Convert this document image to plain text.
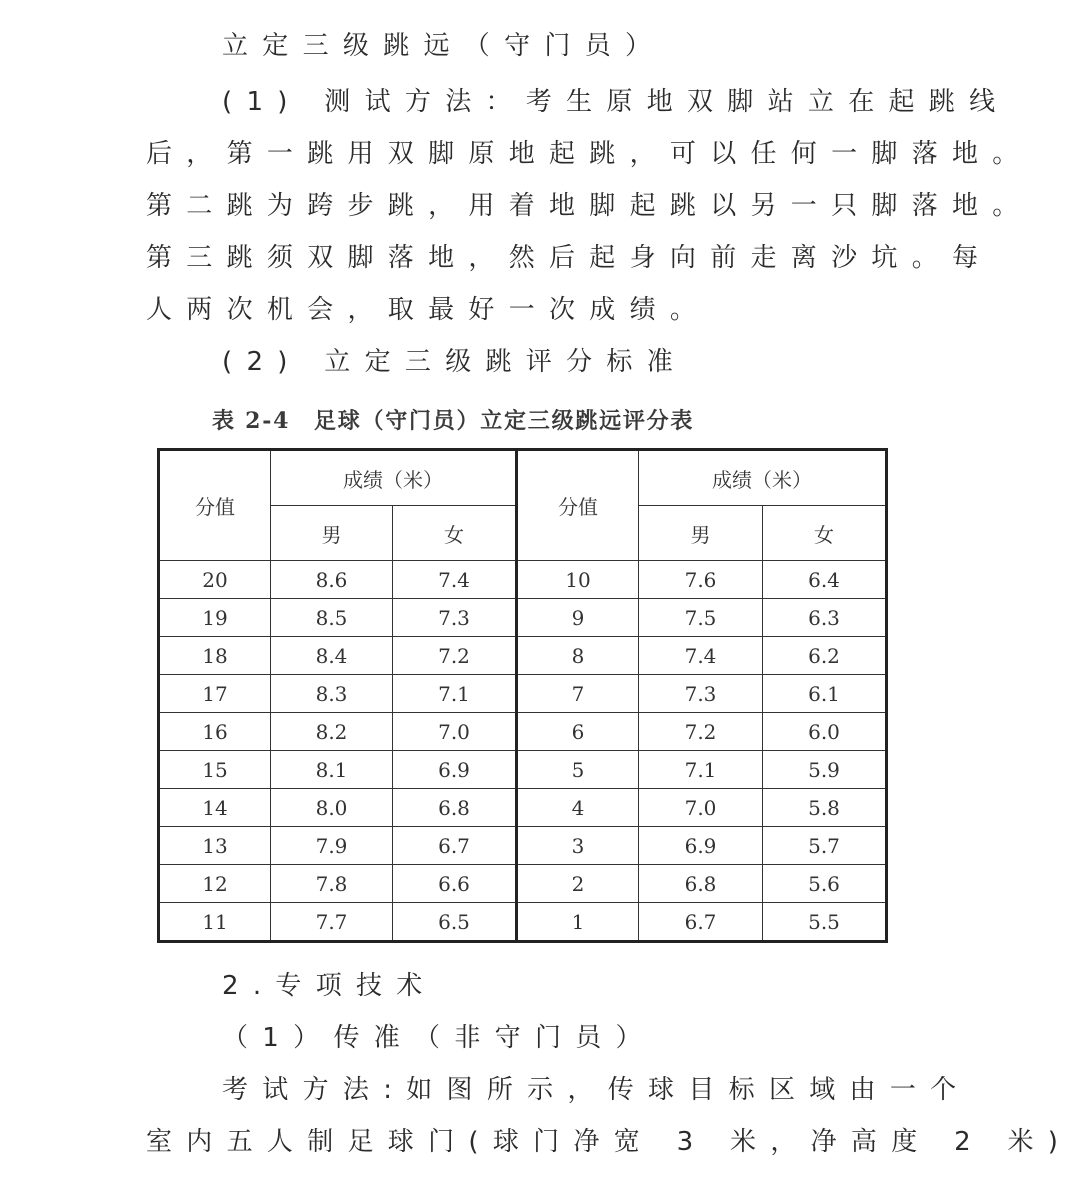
立定三级跳远（守门员）
(1) 测试方法：考生原地双脚站立在起跳线
后，第一跳用双脚原地起跳，可以任何一脚落地。
第二跳为跨步跳，用着地脚起跳以另一只脚落地。
第三跳须双脚落地，然后起身向前走离沙坑。每
人两次机会，取最好一次成绩。
(2) 立定三级跳评分标准
表 2-4　足球（守门员）立定三级跳远评分表
分值	成绩（米）		分值	成绩（米）	
	男	女		男	女
20	8.6	7.4	10	7.6	6.4
19	8.5	7.3	9	7.5	6.3
18	8.4	7.2	8	7.4	6.2
17	8.3	7.1	7	7.3	6.1
16	8.2	7.0	6	7.2	6.0
15	8.1	6.9	5	7.1	5.9
14	8.0	6.8	4	7.0	5.8
13	7.9	6.7	3	6.9	5.7
12	7.8	6.6	2	6.8	5.6
11	7.7	6.5	1	6.7	5.5
2.专项技术
（1）传准（非守门员）
考试方法:如图所示，传球目标区域由一个
室内五人制足球门(球门净宽 3 米，净高度 2 米)
